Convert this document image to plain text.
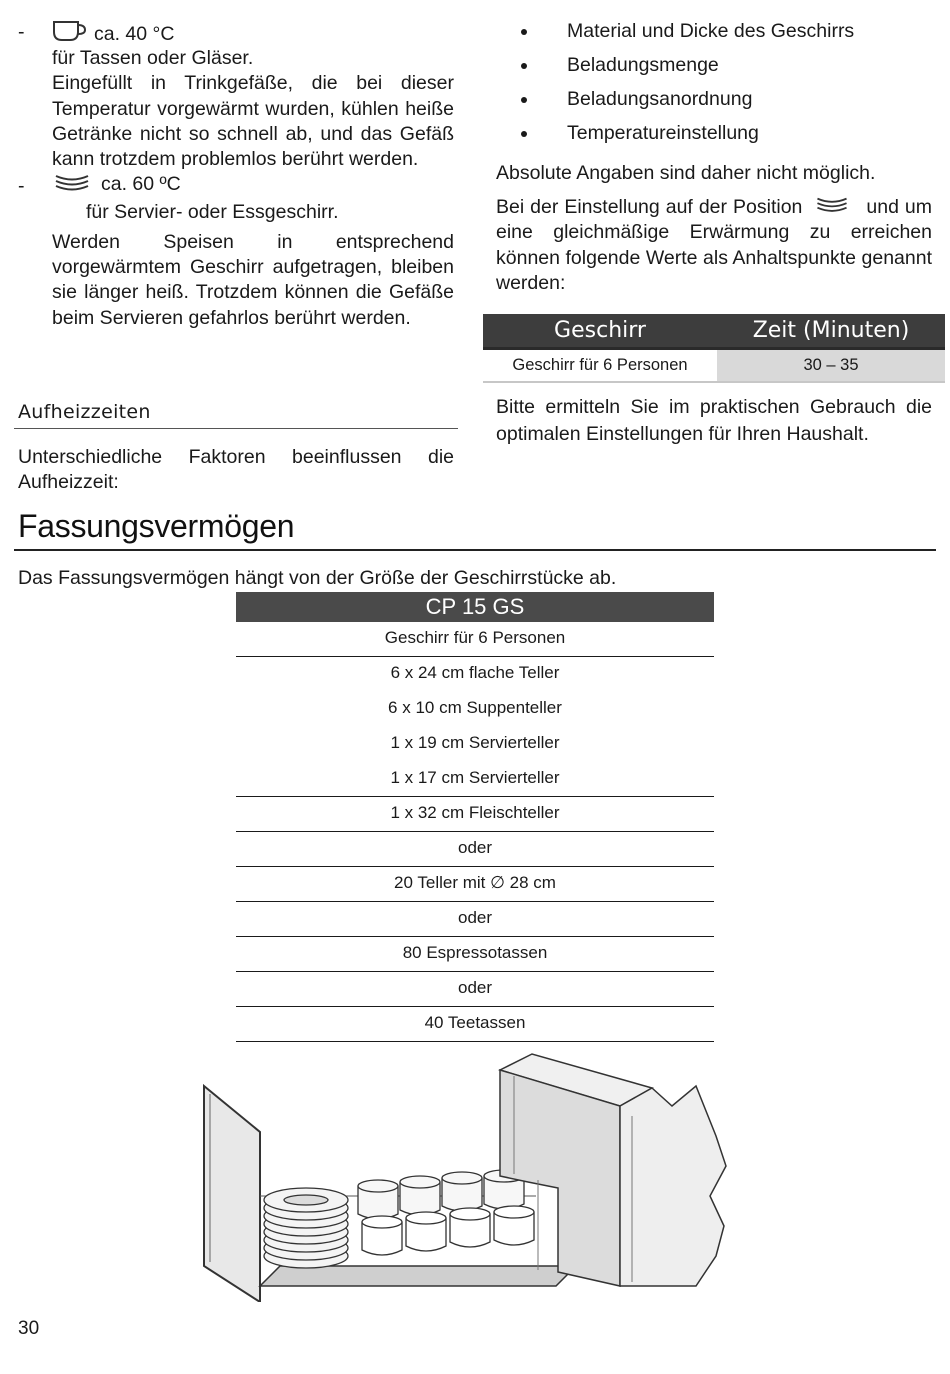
-	ca. 40 °C
für Tassen oder Gläser.
Eingefüllt in Trinkgefäße, die bei dieser Temperatur vorgewärmt wurden, kühlen heiße Getränke nicht so schnell ab, und das Gefäß kann trotzdem problemlos berührt werden.
-	ca. 60 ºC
für Servier- oder Essgeschirr.
Werden Speisen in entsprechend vorgewärmtem Geschirr aufgetragen, bleiben sie länger heiß. Trotzdem können die Gefäße beim Servieren gefahrlos berührt werden.
Aufheizzeiten
Unterschiedliche Faktoren beeinflussen die Aufheizzeit:
Material und Dicke des Geschirrs
Beladungsmenge
Beladungsanordnung
Temperatureinstellung
Absolute Angaben sind daher nicht möglich.
Bei der Einstellung auf der Position	und um eine gleichmäßige Erwärmung zu erreichen können folgende Werte als Anhaltspunkte genannt werden:
Geschirr	Zeit (Minuten)
Geschirr für 6 Personen	30 – 35
Bitte ermitteln Sie im praktischen Gebrauch die optimalen Einstellungen für Ihren Haushalt.
Fassungsvermögen
Das Fassungsvermögen hängt von der Größe der Geschirrstücke ab.
CP 15 GS
Geschirr für 6 Personen
6 x 24 cm flache Teller
6 x 10 cm Suppenteller
1 x 19 cm Servierteller
1 x 17 cm Servierteller
1 x 32 cm Fleischteller
oder
20 Teller mit ∅ 28 cm
oder
80 Espressotassen
oder
40 Teetassen
30
